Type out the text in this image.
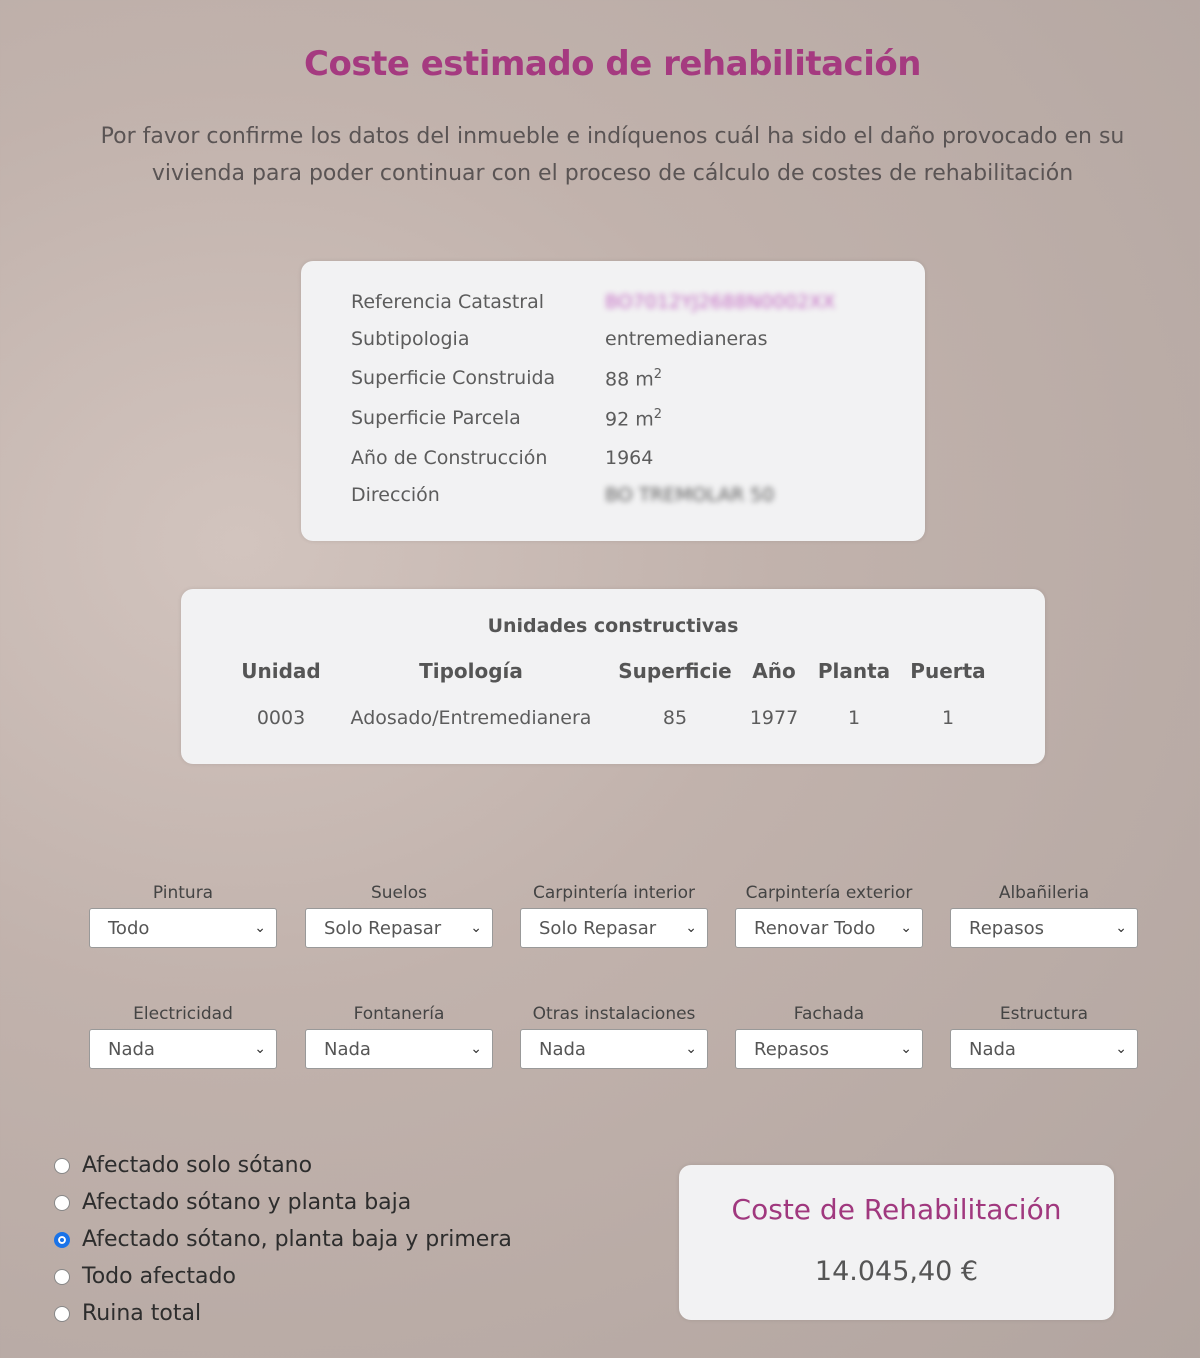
Coste estimado de rehabilitación
Por favor confirme los datos del inmueble e indíquenos cuál ha sido el daño provocado en su vivienda para poder continuar con el proceso de cálculo de costes de rehabilitación
Referencia Catastral	BO7012YJ2688N0002XX
Subtipologia	entremedianeras
Superficie Construida	88 $m^2$
Superficie Parcela	92 $m^2$
Año de Construcción	1964
Dirección	BO TREMOLAR 50
Unidades constructivas
Unidad	Tipología	Superficie	Año	Planta	Puerta
0003	Adosado/Entremedianera	85	1977	1	1
Pintura
Todo	⌄
Suelos
Solo Repasar ⌄
Carpintería interior
Solo Repasar ⌄
Carpintería exterior
Renovar Todo ⌄
Albañileria
Repasos	⌄
Electricidad
Nada	⌄
Fontanería
Nada	⌄
Otras instalaciones
Nada	⌄
Fachada
Repasos	⌄
Estructura
Nada	⌄
Afectado solo sótano
Afectado sótano y planta baja
Afectado sótano, planta baja y primera
Todo afectado
Ruina total
Coste de Rehabilitación
14.045,40 €
